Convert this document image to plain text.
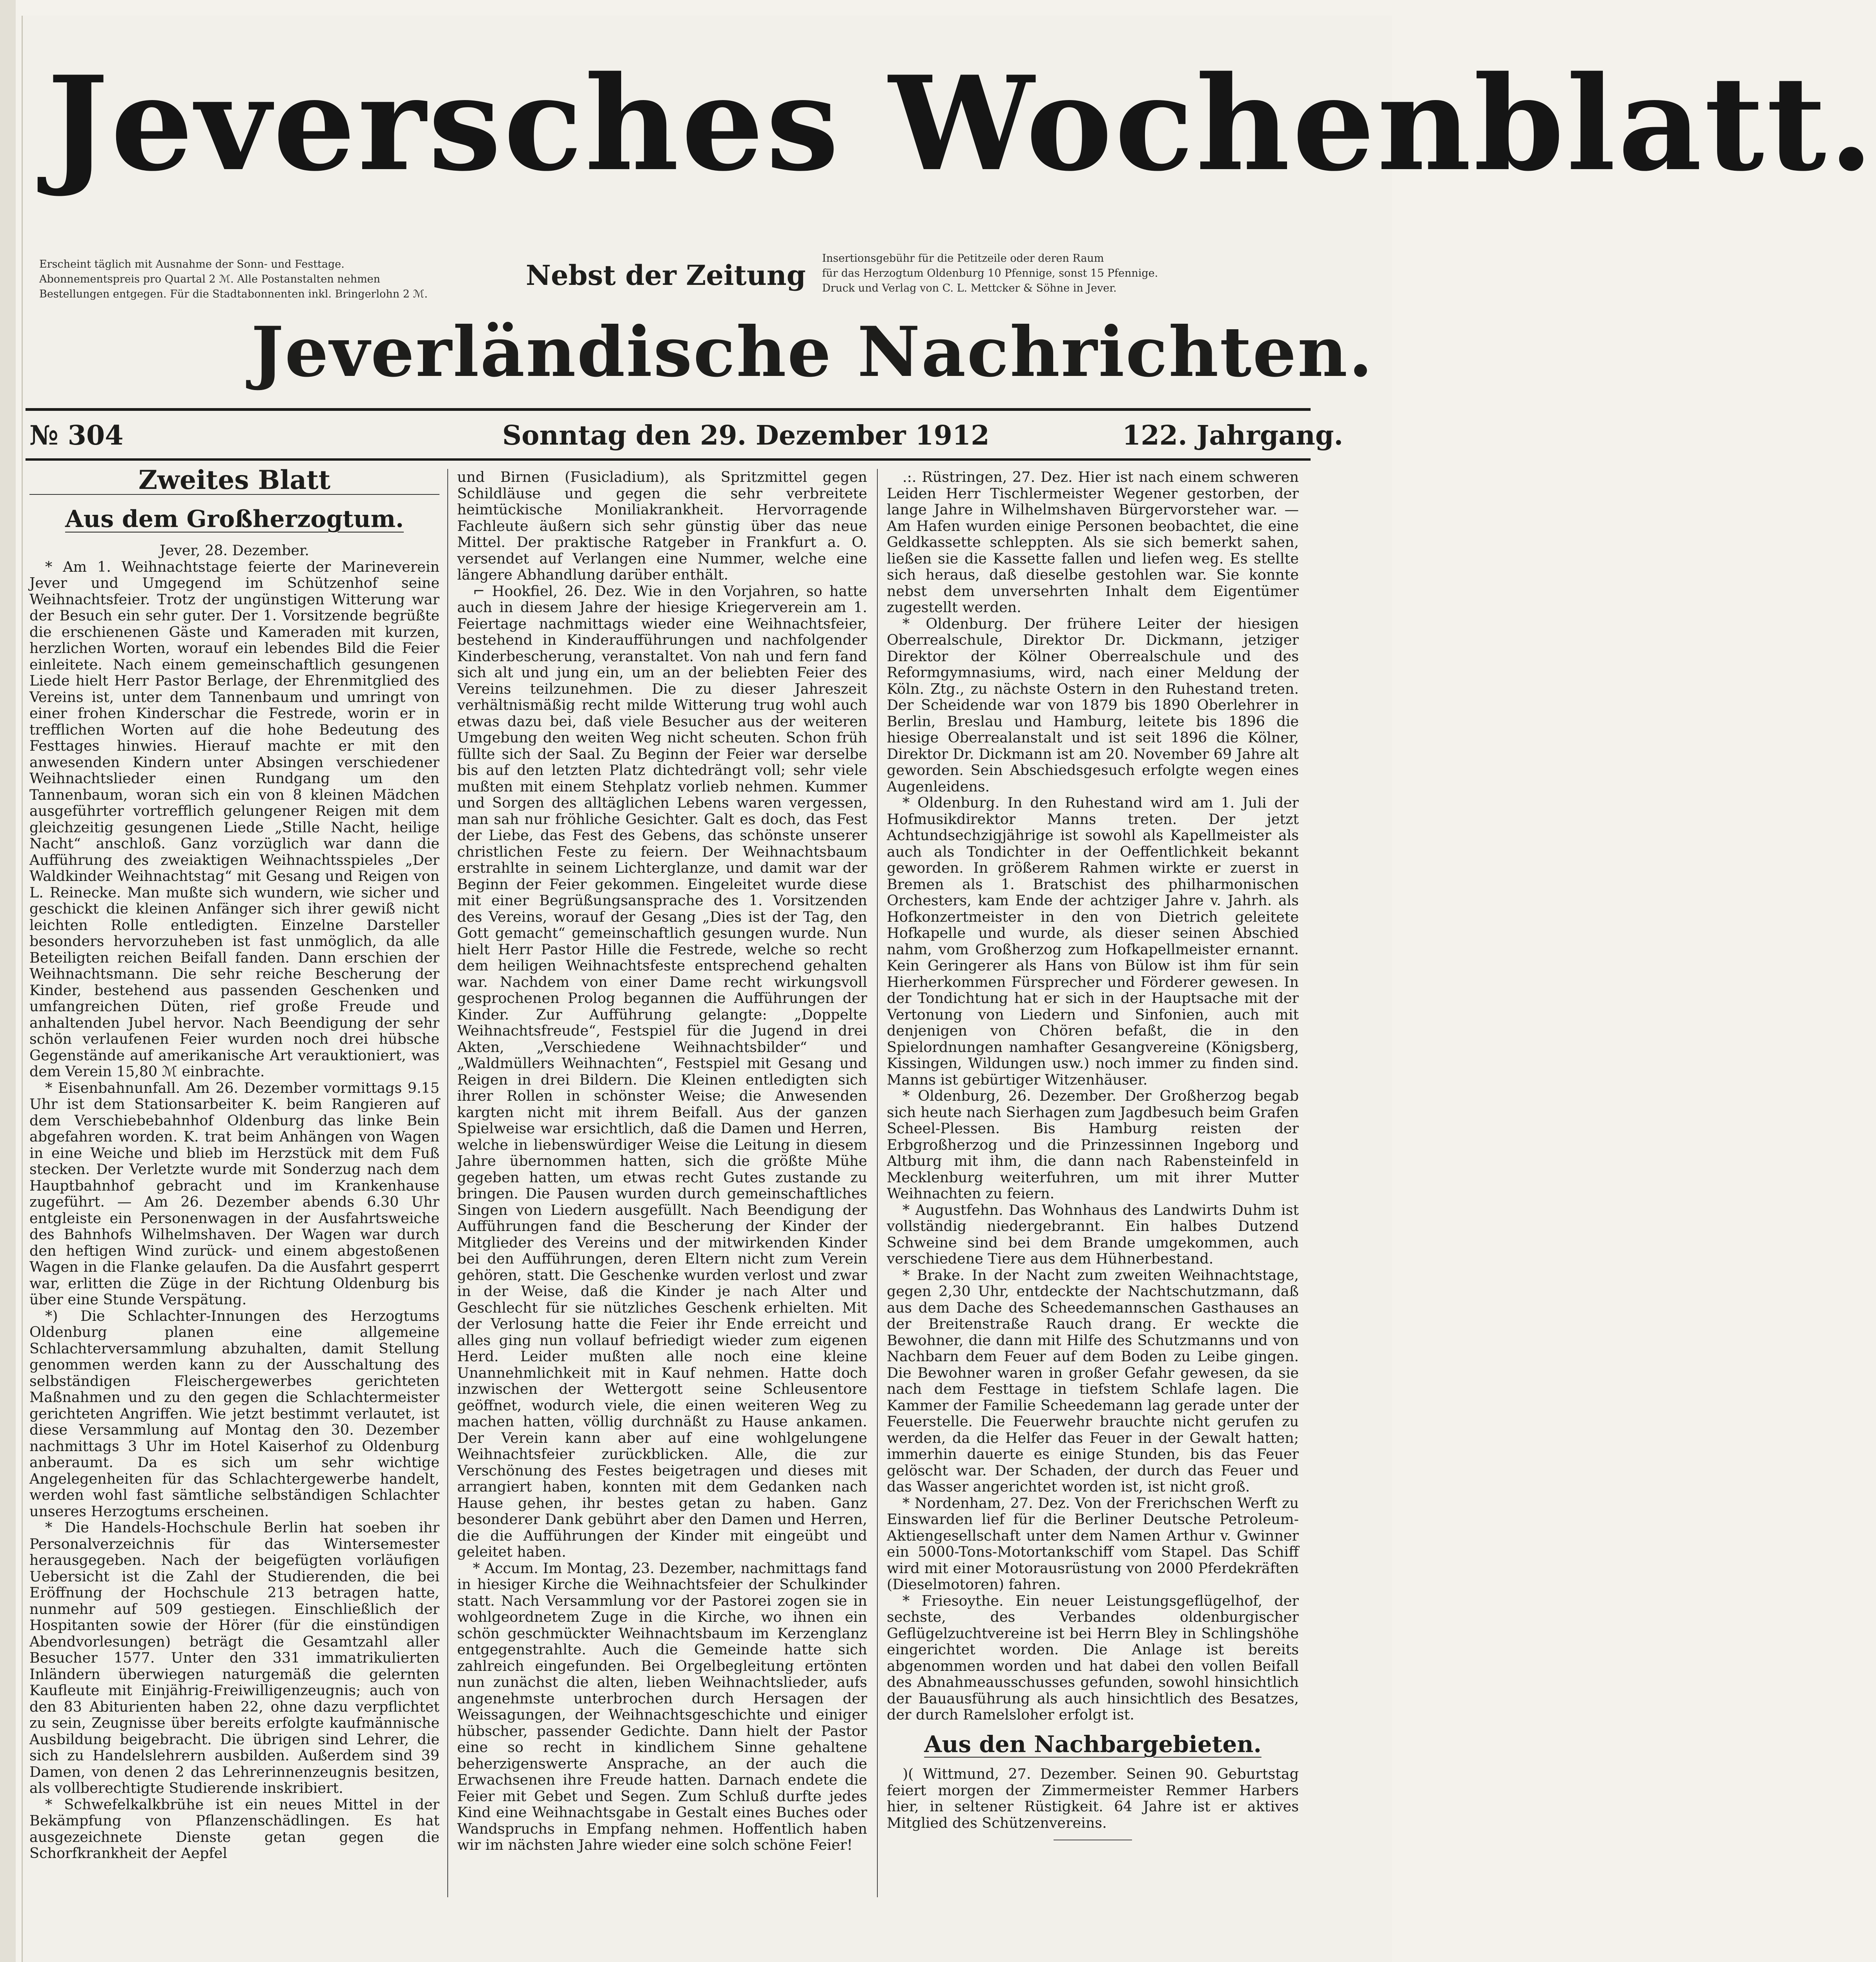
Jeversches Wochenblatt.
Erscheint täglich mit Ausnahme der Sonn- und Festtage.
Abonnementspreis pro Quartal 2 ℳ. Alle Postanstalten nehmen
Bestellungen entgegen. Für die Stadtabonnenten inkl. Bringerlohn 2 ℳ.
Nebst der Zeitung
Insertionsgebühr für die Petitzeile oder deren Raum
für das Herzogtum Oldenburg 10 Pfennige, sonst 15 Pfennige.
Druck und Verlag von C. L. Mettcker & Söhne in Jever.
Jeverländische Nachrichten.
№ 304	Sonntag den 29. Dezember 1912	122. Jahrgang.
Zweites Blatt
Aus dem Großherzogtum.

Jever, 28. Dezember.

* Am 1. Weihnachtstage feierte der Marineverein Jever und Umgegend im Schützenhof seine Weihnachtsfeier. Trotz der ungünstigen Witterung war der Besuch ein sehr guter. Der 1. Vorsitzende begrüßte die erschienenen Gäste und Kameraden mit kurzen, herzlichen Worten, worauf ein lebendes Bild die Feier einleitete. Nach einem gemeinschaftlich gesungenen Liede hielt Herr Pastor Berlage, der Ehrenmitglied des Vereins ist, unter dem Tannenbaum und umringt von einer frohen Kinderschar die Festrede, worin er in trefflichen Worten auf die hohe Bedeutung des Festtages hinwies. Hierauf machte er mit den anwesenden Kindern unter Absingen verschiedener Weihnachtslieder einen Rundgang um den Tannenbaum, woran sich ein von 8 kleinen Mädchen ausgeführter vortrefflich gelungener Reigen mit dem gleichzeitig gesungenen Liede „Stille Nacht, heilige Nacht“ anschloß. Ganz vorzüglich war dann die Aufführung des zweiaktigen Weihnachtsspieles „Der Waldkinder Weihnachtstag“ mit Gesang und Reigen von L. Reinecke. Man mußte sich wundern, wie sicher und geschickt die kleinen Anfänger sich ihrer gewiß nicht leichten Rolle entledigten. Einzelne Darsteller besonders hervorzuheben ist fast unmöglich, da alle Beteiligten reichen Beifall fanden. Dann erschien der Weihnachtsmann. Die sehr reiche Bescherung der Kinder, bestehend aus passenden Geschenken und umfangreichen Düten, rief große Freude und anhaltenden Jubel hervor. Nach Beendigung der sehr schön verlaufenen Feier wurden noch drei hübsche Gegenstände auf amerikanische Art verauktioniert, was dem Verein 15,80 ℳ einbrachte.

* Eisenbahnunfall. Am 26. Dezember vormittags 9.15 Uhr ist dem Stationsarbeiter K. beim Rangieren auf dem Verschiebebahnhof Oldenburg das linke Bein abgefahren worden. K. trat beim Anhängen von Wagen in eine Weiche und blieb im Herzstück mit dem Fuß stecken. Der Verletzte wurde mit Sonderzug nach dem Hauptbahnhof gebracht und im Krankenhause zugeführt. — Am 26. Dezember abends 6.30 Uhr entgleiste ein Personenwagen in der Ausfahrtsweiche des Bahnhofs Wilhelmshaven. Der Wagen war durch den heftigen Wind zurück- und einem abgestoßenen Wagen in die Flanke gelaufen. Da die Ausfahrt gesperrt war, erlitten die Züge in der Richtung Oldenburg bis über eine Stunde Verspätung.

*) Die Schlachter-Innungen des Herzogtums Oldenburg planen eine allgemeine Schlachterversammlung abzuhalten, damit Stellung genommen werden kann zu der Ausschaltung des selbständigen Fleischergewerbes gerichteten Maßnahmen und zu den gegen die Schlachtermeister gerichteten Angriffen. Wie jetzt bestimmt verlautet, ist diese Versammlung auf Montag den 30. Dezember nachmittags 3 Uhr im Hotel Kaiserhof zu Oldenburg anberaumt. Da es sich um sehr wichtige Angelegenheiten für das Schlachtergewerbe handelt, werden wohl fast sämtliche selbständigen Schlachter unseres Herzogtums erscheinen.

* Die Handels-Hochschule Berlin hat soeben ihr Personalverzeichnis für das Wintersemester herausgegeben. Nach der beigefügten vorläufigen Uebersicht ist die Zahl der Studierenden, die bei Eröffnung der Hochschule 213 betragen hatte, nunmehr auf 509 gestiegen. Einschließlich der Hospitanten sowie der Hörer (für die einstündigen Abendvorlesungen) beträgt die Gesamtzahl aller Besucher 1577. Unter den 331 immatrikulierten Inländern überwiegen naturgemäß die gelernten Kaufleute mit Einjährig-Freiwilligenzeugnis; auch von den 83 Abiturienten haben 22, ohne dazu verpflichtet zu sein, Zeugnisse über bereits erfolgte kaufmännische Ausbildung beigebracht. Die übrigen sind Lehrer, die sich zu Handelslehrern ausbilden. Außerdem sind 39 Damen, von denen 2 das Lehrerinnenzeugnis besitzen, als vollberechtigte Studierende inskribiert.

* Schwefelkalkbrühe ist ein neues Mittel in der Bekämpfung von Pflanzenschädlingen. Es hat ausgezeichnete Dienste getan gegen die Schorfkrankheit der Aepfel

und Birnen (Fusicladium), als Spritzmittel gegen Schildläuse und gegen die sehr verbreitete heimtückische Moniliakrankheit. Hervorragende Fachleute äußern sich sehr günstig über das neue Mittel. Der praktische Ratgeber in Frankfurt a. O. versendet auf Verlangen eine Nummer, welche eine längere Abhandlung darüber enthält.

⌐ Hookfiel, 26. Dez. Wie in den Vorjahren, so hatte auch in diesem Jahre der hiesige Kriegerverein am 1. Feiertage nachmittags wieder eine Weihnachtsfeier, bestehend in Kinderaufführungen und nachfolgender Kinderbescherung, veranstaltet. Von nah und fern fand sich alt und jung ein, um an der beliebten Feier des Vereins teilzunehmen. Die zu dieser Jahreszeit verhältnismäßig recht milde Witterung trug wohl auch etwas dazu bei, daß viele Besucher aus der weiteren Umgebung den weiten Weg nicht scheuten. Schon früh füllte sich der Saal. Zu Beginn der Feier war derselbe bis auf den letzten Platz dichtedrängt voll; sehr viele mußten mit einem Stehplatz vorlieb nehmen. Kummer und Sorgen des alltäglichen Lebens waren vergessen, man sah nur fröhliche Gesichter. Galt es doch, das Fest der Liebe, das Fest des Gebens, das schönste unserer christlichen Feste zu feiern. Der Weihnachtsbaum erstrahlte in seinem Lichterglanze, und damit war der Beginn der Feier gekommen. Eingeleitet wurde diese mit einer Begrüßungsansprache des 1. Vorsitzenden des Vereins, worauf der Gesang „Dies ist der Tag, den Gott gemacht“ gemeinschaftlich gesungen wurde. Nun hielt Herr Pastor Hille die Festrede, welche so recht dem heiligen Weihnachtsfeste entsprechend gehalten war. Nachdem von einer Dame recht wirkungsvoll gesprochenen Prolog begannen die Aufführungen der Kinder. Zur Aufführung gelangte: „Doppelte Weihnachtsfreude“, Festspiel für die Jugend in drei Akten, „Verschiedene Weihnachtsbilder“ und „Waldmüllers Weihnachten“, Festspiel mit Gesang und Reigen in drei Bildern. Die Kleinen entledigten sich ihrer Rollen in schönster Weise; die Anwesenden kargten nicht mit ihrem Beifall. Aus der ganzen Spielweise war ersichtlich, daß die Damen und Herren, welche in liebenswürdiger Weise die Leitung in diesem Jahre übernommen hatten, sich die größte Mühe gegeben hatten, um etwas recht Gutes zustande zu bringen. Die Pausen wurden durch gemeinschaftliches Singen von Liedern ausgefüllt. Nach Beendigung der Aufführungen fand die Bescherung der Kinder der Mitglieder des Vereins und der mitwirkenden Kinder bei den Aufführungen, deren Eltern nicht zum Verein gehören, statt. Die Geschenke wurden verlost und zwar in der Weise, daß die Kinder je nach Alter und Geschlecht für sie nützliches Geschenk erhielten. Mit der Verlosung hatte die Feier ihr Ende erreicht und alles ging nun vollauf befriedigt wieder zum eigenen Herd. Leider mußten alle noch eine kleine Unannehmlichkeit mit in Kauf nehmen. Hatte doch inzwischen der Wettergott seine Schleusentore geöffnet, wodurch viele, die einen weiteren Weg zu machen hatten, völlig durchnäßt zu Hause ankamen. Der Verein kann aber auf eine wohlgelungene Weihnachtsfeier zurückblicken. Alle, die zur Verschönung des Festes beigetragen und dieses mit arrangiert haben, konnten mit dem Gedanken nach Hause gehen, ihr bestes getan zu haben. Ganz besonderer Dank gebührt aber den Damen und Herren, die die Aufführungen der Kinder mit eingeübt und geleitet haben.

* Accum. Im Montag, 23. Dezember, nachmittags fand in hiesiger Kirche die Weihnachtsfeier der Schulkinder statt. Nach Versammlung vor der Pastorei zogen sie in wohlgeordnetem Zuge in die Kirche, wo ihnen ein schön geschmückter Weihnachtsbaum im Kerzenglanz entgegenstrahlte. Auch die Gemeinde hatte sich zahlreich eingefunden. Bei Orgelbegleitung ertönten nun zunächst die alten, lieben Weihnachtslieder, aufs angenehmste unterbrochen durch Hersagen der Weissagungen, der Weihnachtsgeschichte und einiger hübscher, passender Gedichte. Dann hielt der Pastor eine so recht in kindlichem Sinne gehaltene beherzigenswerte Ansprache, an der auch die Erwachsenen ihre Freude hatten. Darnach endete die Feier mit Gebet und Segen. Zum Schluß durfte jedes Kind eine Weihnachtsgabe in Gestalt eines Buches oder Wandspruchs in Empfang nehmen. Hoffentlich haben wir im nächsten Jahre wieder eine solch schöne Feier!

.:. Rüstringen, 27. Dez. Hier ist nach einem schweren Leiden Herr Tischlermeister Wegener gestorben, der lange Jahre in Wilhelmshaven Bürgervorsteher war. — Am Hafen wurden einige Personen beobachtet, die eine Geldkassette schleppten. Als sie sich bemerkt sahen, ließen sie die Kassette fallen und liefen weg. Es stellte sich heraus, daß dieselbe gestohlen war. Sie konnte nebst dem unversehrten Inhalt dem Eigentümer zugestellt werden.

* Oldenburg. Der frühere Leiter der hiesigen Oberrealschule, Direktor Dr. Dickmann, jetziger Direktor der Kölner Oberrealschule und des Reformgymnasiums, wird, nach einer Meldung der Köln. Ztg., zu nächste Ostern in den Ruhestand treten. Der Scheidende war von 1879 bis 1890 Oberlehrer in Berlin, Breslau und Hamburg, leitete bis 1896 die hiesige Oberrealanstalt und ist seit 1896 die Kölner, Direktor Dr. Dickmann ist am 20. November 69 Jahre alt geworden. Sein Abschiedsgesuch erfolgte wegen eines Augenleidens.

* Oldenburg. In den Ruhestand wird am 1. Juli der Hofmusikdirektor Manns treten. Der jetzt Achtundsechzigjährige ist sowohl als Kapellmeister als auch als Tondichter in der Oeffentlichkeit bekannt geworden. In größerem Rahmen wirkte er zuerst in Bremen als 1. Bratschist des philharmonischen Orchesters, kam Ende der achtziger Jahre v. Jahrh. als Hofkonzertmeister in den von Dietrich geleitete Hofkapelle und wurde, als dieser seinen Abschied nahm, vom Großherzog zum Hofkapellmeister ernannt. Kein Geringerer als Hans von Bülow ist ihm für sein Hierherkommen Fürsprecher und Förderer gewesen. In der Tondichtung hat er sich in der Hauptsache mit der Vertonung von Liedern und Sinfonien, auch mit denjenigen von Chören befaßt, die in den Spielordnungen namhafter Gesangvereine (Königsberg, Kissingen, Wildungen usw.) noch immer zu finden sind. Manns ist gebürtiger Witzenhäuser.

* Oldenburg, 26. Dezember. Der Großherzog begab sich heute nach Sierhagen zum Jagdbesuch beim Grafen Scheel-Plessen. Bis Hamburg reisten der Erbgroßherzog und die Prinzessinnen Ingeborg und Altburg mit ihm, die dann nach Rabensteinfeld in Mecklenburg weiterfuhren, um mit ihrer Mutter Weihnachten zu feiern.

* Augustfehn. Das Wohnhaus des Landwirts Duhm ist vollständig niedergebrannt. Ein halbes Dutzend Schweine sind bei dem Brande umgekommen, auch verschiedene Tiere aus dem Hühnerbestand.

* Brake. In der Nacht zum zweiten Weihnachtstage, gegen 2,30 Uhr, entdeckte der Nachtschutzmann, daß aus dem Dache des Scheedemannschen Gasthauses an der Breitenstraße Rauch drang. Er weckte die Bewohner, die dann mit Hilfe des Schutzmanns und von Nachbarn dem Feuer auf dem Boden zu Leibe gingen. Die Bewohner waren in großer Gefahr gewesen, da sie nach dem Festtage in tiefstem Schlafe lagen. Die Kammer der Familie Scheedemann lag gerade unter der Feuerstelle. Die Feuerwehr brauchte nicht gerufen zu werden, da die Helfer das Feuer in der Gewalt hatten; immerhin dauerte es einige Stunden, bis das Feuer gelöscht war. Der Schaden, der durch das Feuer und das Wasser angerichtet worden ist, ist nicht groß.

* Nordenham, 27. Dez. Von der Frerichschen Werft zu Einswarden lief für die Berliner Deutsche Petroleum-Aktiengesellschaft unter dem Namen Arthur v. Gwinner ein 5000-Tons-Motortankschiff vom Stapel. Das Schiff wird mit einer Motorausrüstung von 2000 Pferdekräften (Dieselmotoren) fahren.

* Friesoythe. Ein neuer Leistungsgeflügelhof, der sechste, des Verbandes oldenburgischer Geflügelzuchtvereine ist bei Herrn Bley in Schlingshöhe eingerichtet worden. Die Anlage ist bereits abgenommen worden und hat dabei den vollen Beifall des Abnahmeausschusses gefunden, sowohl hinsichtlich der Bauausführung als auch hinsichtlich des Besatzes, der durch Ramelsloher erfolgt ist.

Aus den Nachbargebieten.

)( Wittmund, 27. Dezember. Seinen 90. Geburtstag feiert morgen der Zimmermeister Remmer Harbers hier, in seltener Rüstigkeit. 64 Jahre ist er aktives Mitglied des Schützenvereins.
